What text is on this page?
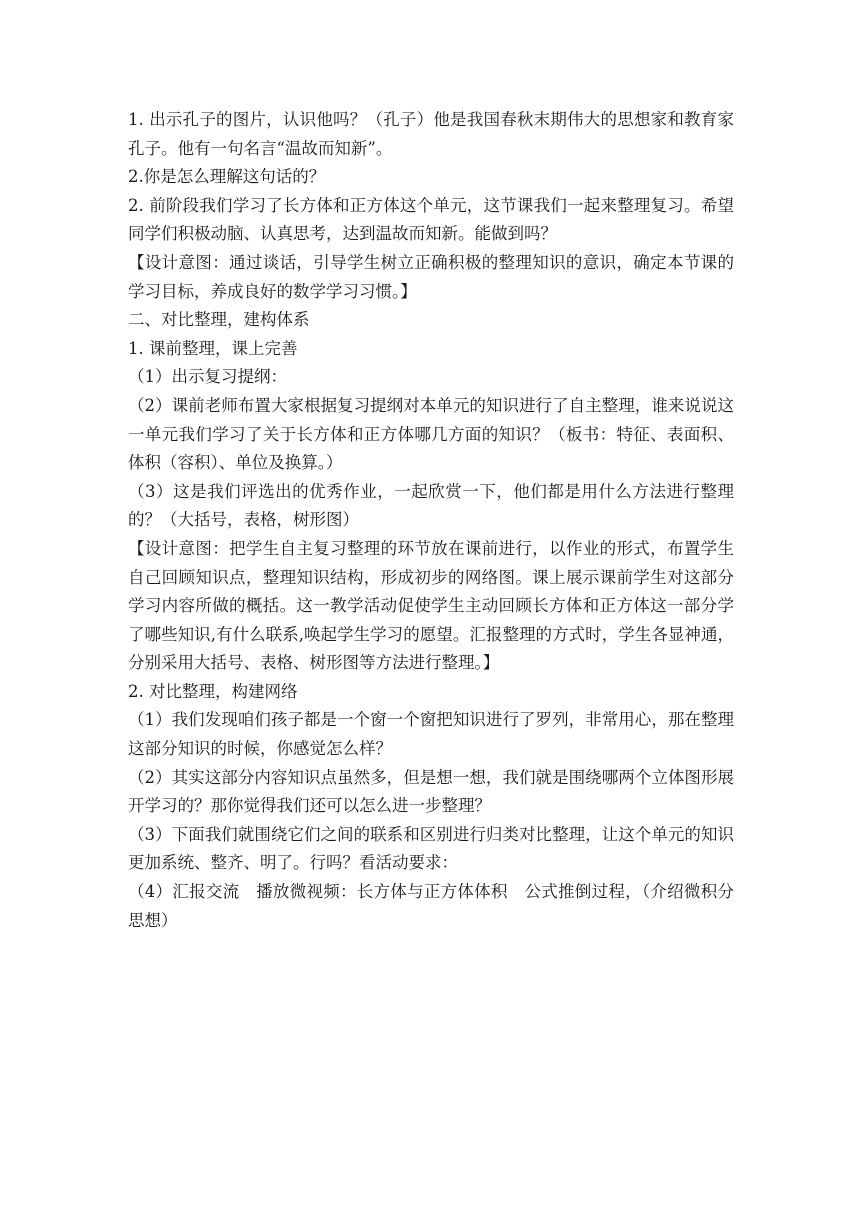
1. 出示孔子的图片，认识他吗？（孔子）他是我国春秋末期伟大的思想家和教育家孔子。他有一句名言“温故而知新”。

2.你是怎么理解这句话的？

2. 前阶段我们学习了长方体和正方体这个单元，这节课我们一起来整理复习。希望同学们积极动脑、认真思考，达到温故而知新。能做到吗？

【设计意图：通过谈话，引导学生树立正确积极的整理知识的意识，确定本节课的学习目标，养成良好的数学学习习惯。】

二、对比整理，建构体系

1. 课前整理，课上完善

（1）出示复习提纲：

（2）课前老师布置大家根据复习提纲对本单元的知识进行了自主整理，谁来说说这一单元我们学习了关于长方体和正方体哪几方面的知识？（板书：特征、表面积、体积（容积）、单位及换算。）

（3）这是我们评选出的优秀作业，一起欣赏一下，他们都是用什么方法进行整理的？（大括号，表格，树形图）

【设计意图：把学生自主复习整理的环节放在课前进行，以作业的形式，布置学生自己回顾知识点，整理知识结构，形成初步的网络图。课上展示课前学生对这部分学习内容所做的概括。这一教学活动促使学生主动回顾长方体和正方体这一部分学了哪些知识,有什么联系,唤起学生学习的愿望。汇报整理的方式时，学生各显神通，分别采用大括号、表格、树形图等方法进行整理。】

2. 对比整理，构建网络

（1）我们发现咱们孩子都是一个窗一个窗把知识进行了罗列，非常用心，那在整理这部分知识的时候，你感觉怎么样？

（2）其实这部分内容知识点虽然多，但是想一想，我们就是围绕哪两个立体图形展开学习的？那你觉得我们还可以怎么进一步整理？

（3）下面我们就围绕它们之间的联系和区别进行归类对比整理，让这个单元的知识更加系统、整齐、明了。行吗？看活动要求：

（4）汇报交流　播放微视频：长方体与正方体体积　公式推倒过程，（介绍微积分思想）
